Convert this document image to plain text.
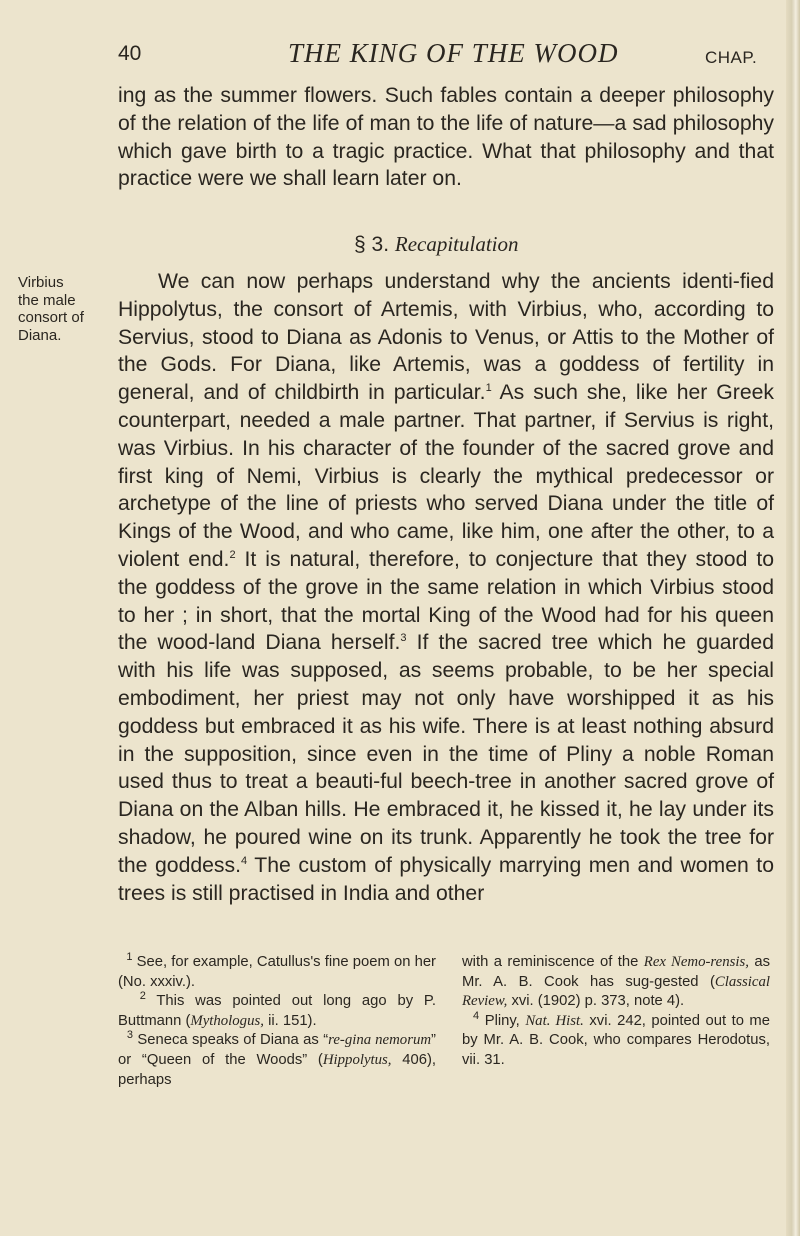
40	THE KING OF THE WOOD	CHAP.

ing as the summer flowers. Such fables contain a deeper philosophy of the relation of the life of man to the life of nature—a sad philosophy which gave birth to a tragic practice. What that philosophy and that practice were we shall learn later on.

§ 3. Recapitulation
Virbius
the male
consort of
Diana.

We can now perhaps understand why the ancients identi-fied Hippolytus, the consort of Artemis, with Virbius, who, according to Servius, stood to Diana as Adonis to Venus, or Attis to the Mother of the Gods. For Diana, like Artemis, was a goddess of fertility in general, and of childbirth in particular.$^1$ As such she, like her Greek counterpart, needed a male partner. That partner, if Servius is right, was Virbius. In his character of the founder of the sacred grove and first king of Nemi, Virbius is clearly the mythical predecessor or archetype of the line of priests who served Diana under the title of Kings of the Wood, and who came, like him, one after the other, to a violent end.$^2$ It is natural, therefore, to conjecture that they stood to the goddess of the grove in the same relation in which Virbius stood to her ; in short, that the mortal King of the Wood had for his queen the wood-land Diana herself.$^3$ If the sacred tree which he guarded with his life was supposed, as seems probable, to be her special embodiment, her priest may not only have worshipped it as his goddess but embraced it as his wife. There is at least nothing absurd in the supposition, since even in the time of Pliny a noble Roman used thus to treat a beauti-ful beech-tree in another sacred grove of Diana on the Alban hills. He embraced it, he kissed it, he lay under its shadow, he poured wine on its trunk. Apparently he took the tree for the goddess.$^4$ The custom of physically marrying men and women to trees is still practised in India and other

$^1$ See, for example, Catullus's fine poem on her (No. xxxiv.).

$^2$ This was pointed out long ago by P. Buttmann (Mythologus, ii. 151).

$^3$ Seneca speaks of Diana as “re-gina nemorum” or “Queen of the Woods” (Hippolytus, 406), perhaps

with a reminiscence of the Rex Nemo-rensis, as Mr. A. B. Cook has sug-gested (Classical Review, xvi. (1902) p. 373, note 4).

$^4$ Pliny, Nat. Hist. xvi. 242, pointed out to me by Mr. A. B. Cook, who compares Herodotus, vii. 31.
